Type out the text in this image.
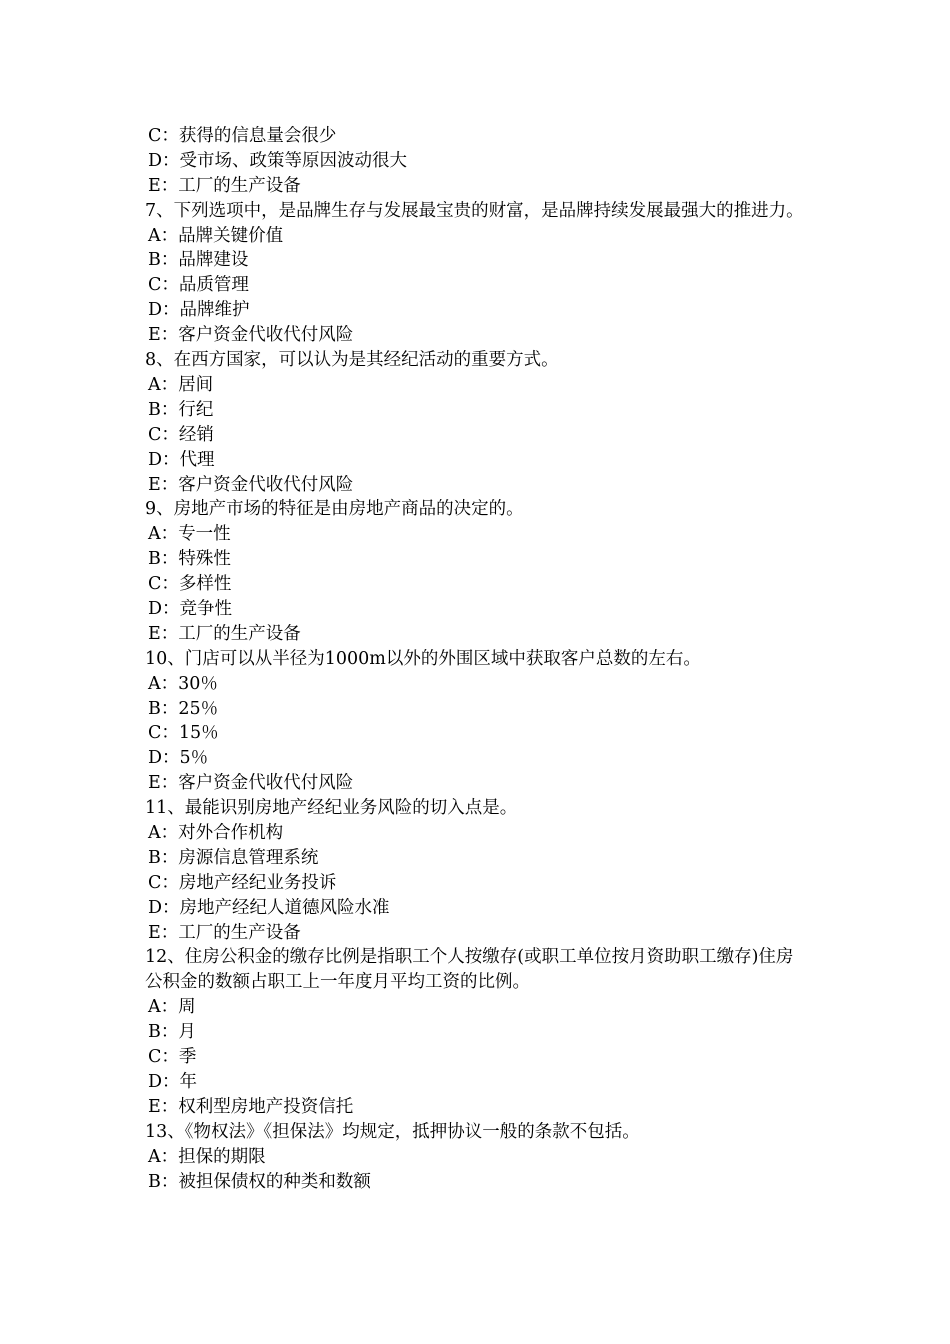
C：获得的信息量会很少
D：受市场、政策等原因波动很大
E：工厂的生产设备
7、下列选项中，是品牌生存与发展最宝贵的财富，是品牌持续发展最强大的推进力。
A：品牌关键价值
B：品牌建设
C：品质管理
D：品牌维护
E：客户资金代收代付风险
8、在西方国家，可以认为是其经纪活动的重要方式。
A：居间
B：行纪
C：经销
D：代理
E：客户资金代收代付风险
9、房地产市场的特征是由房地产商品的决定的。
A：专一性
B：特殊性
C：多样性
D：竞争性
E：工厂的生产设备
10、门店可以从半径为1000m以外的外围区域中获取客户总数的左右。
A：30％
B：25％
C：15％
D：5％
E：客户资金代收代付风险
11、最能识别房地产经纪业务风险的切入点是。
A：对外合作机构
B：房源信息管理系统
C：房地产经纪业务投诉
D：房地产经纪人道德风险水准
E：工厂的生产设备
12、住房公积金的缴存比例是指职工个人按缴存(或职工单位按月资助职工缴存)住房公积金的数额占职工上一年度月平均工资的比例。
A：周
B：月
C：季
D：年
E：权利型房地产投资信托
13、《物权法》《担保法》均规定，抵押协议一般的条款不包括。
A：担保的期限
B：被担保债权的种类和数额
